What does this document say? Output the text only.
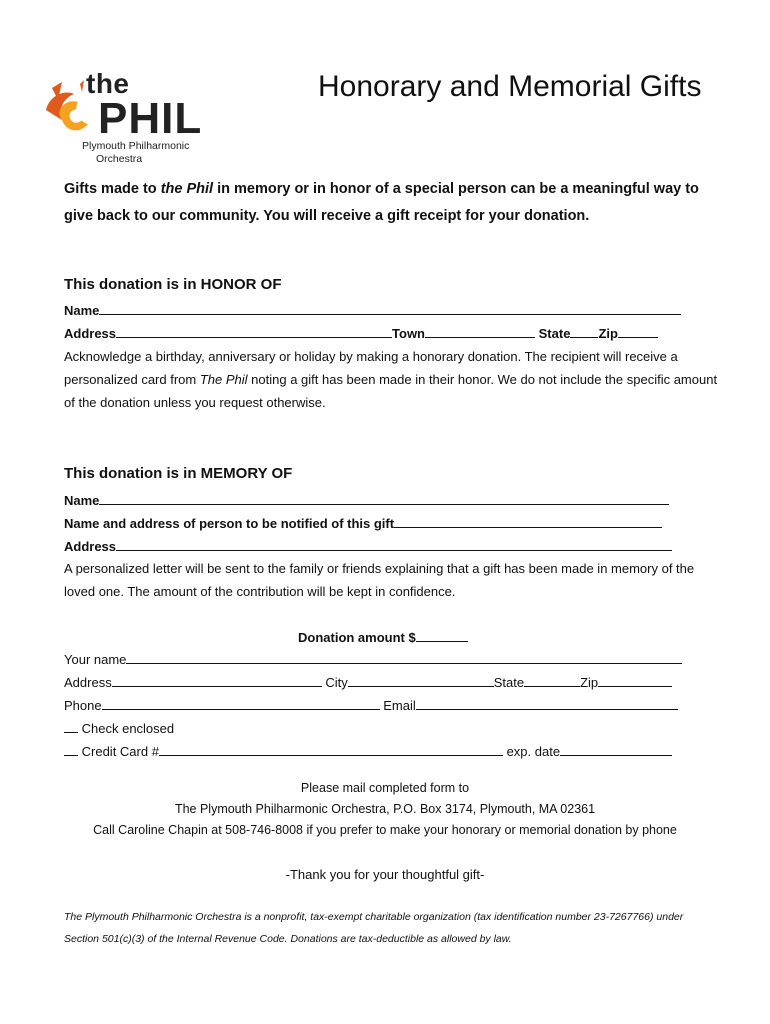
the
PHIL
Plymouth Philharmonic
Orchestra
Honorary and Memorial Gifts
Gifts made to the Phil in memory or in honor of a special person can be a meaningful way to give back to our community. You will receive a gift receipt for your donation.
This donation is in HONOR OF
Name
Address	Town	State Zip
Acknowledge a birthday, anniversary or holiday by making a honorary donation. The recipient will receive a personalized card from The Phil noting a gift has been made in their honor. We do not include the specific amount of the donation unless you request otherwise.
This donation is in MEMORY OF
Name
Name and address of person to be notified of this gift
Address
A personalized letter will be sent to the family or friends explaining that a gift has been made in memory of the loved one. The amount of the contribution will be kept in confidence.
Donation amount $
Your name
Address	City	State	Zip
Phone	Email
Check enclosed
Credit Card #	exp. date
Please mail completed form to
The Plymouth Philharmonic Orchestra, P.O. Box 3174, Plymouth, MA 02361
Call Caroline Chapin at 508-746-8008 if you prefer to make your honorary or memorial donation by phone
-Thank you for your thoughtful gift-
The Plymouth Philharmonic Orchestra is a nonprofit, tax-exempt charitable organization (tax identification number 23-7267766) under Section 501(c)(3) of the Internal Revenue Code. Donations are tax-deductible as allowed by law.
